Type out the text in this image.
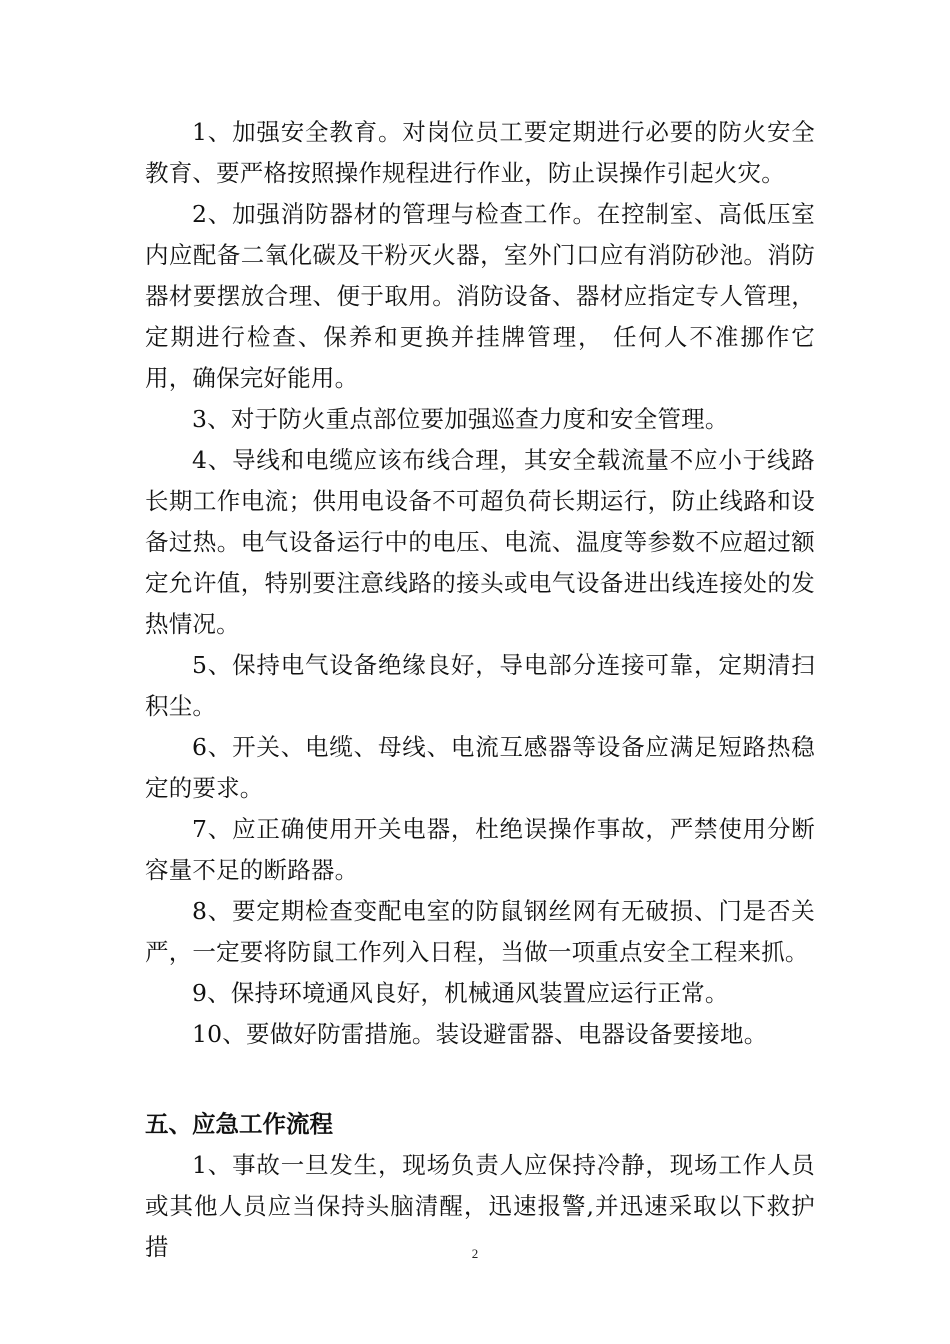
1、加强安全教育。对岗位员工要定期进行必要的防火安全教育、要严格按照操作规程进行作业，防止误操作引起火灾。

2、加强消防器材的管理与检查工作。在控制室、高低压室内应配备二氧化碳及干粉灭火器，室外门口应有消防砂池。消防器材要摆放合理、便于取用。消防设备、器材应指定专人管理，定期进行检查、保养和更换并挂牌管理， 任何人不准挪作它用，确保完好能用。

3、对于防火重点部位要加强巡查力度和安全管理。

4、导线和电缆应该布线合理，其安全载流量不应小于线路长期工作电流；供用电设备不可超负荷长期运行，防止线路和设备过热。电气设备运行中的电压、电流、温度等参数不应超过额定允许值，特别要注意线路的接头或电气设备进出线连接处的发热情况。

5、保持电气设备绝缘良好，导电部分连接可靠，定期清扫积尘。

6、开关、电缆、母线、电流互感器等设备应满足短路热稳定的要求。

7、应正确使用开关电器，杜绝误操作事故，严禁使用分断容量不足的断路器。

8、要定期检查变配电室的防鼠钢丝网有无破损、门是否关严，一定要将防鼠工作列入日程，当做一项重点安全工程来抓。

9、保持环境通风良好，机械通风装置应运行正常。

10、要做好防雷措施。装设避雷器、电器设备要接地。

五、应急工作流程

1、事故一旦发生，现场负责人应保持冷静，现场工作人员或其他人员应当保持头脑清醒，迅速报警,并迅速采取以下救护措	2
